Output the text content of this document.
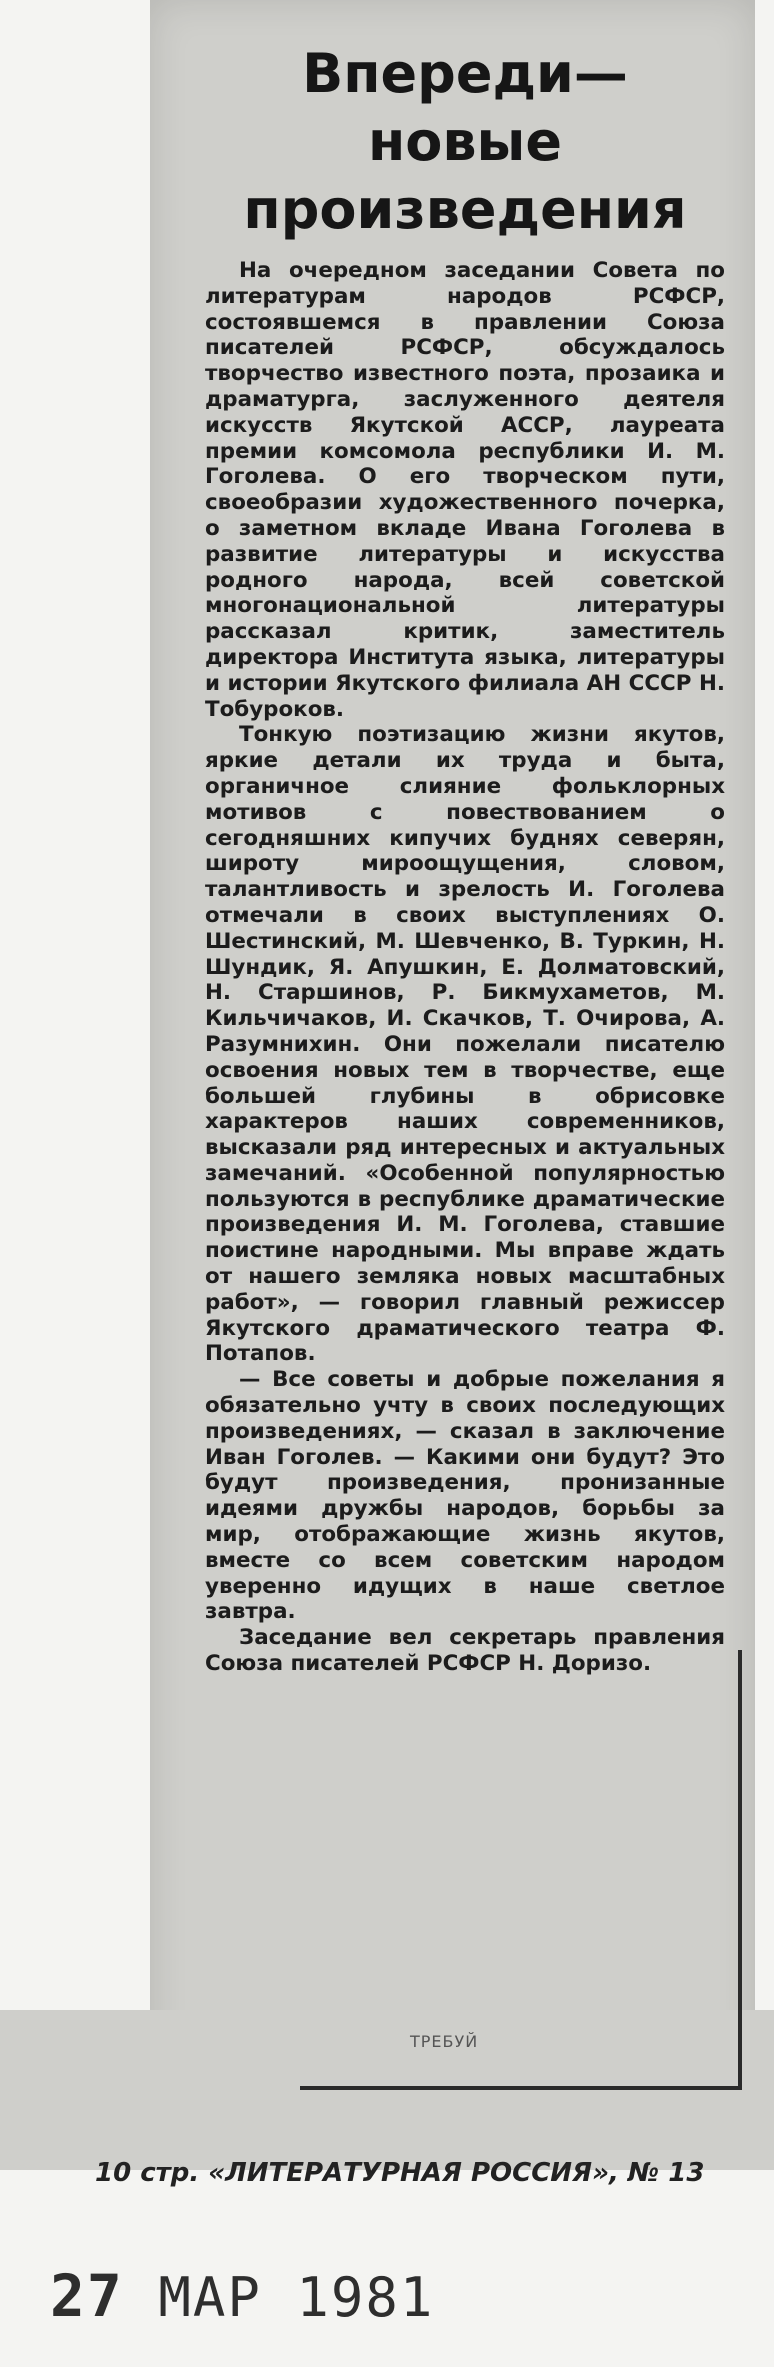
Впереди—
новые
произведения

На очередном заседании Совета по литературам народов РСФСР, состоявшемся в правлении Союза писателей РСФСР, обсуждалось творчество известного поэта, прозаика и драматурга, заслуженного деятеля искусств Якутской АССР, лауреата премии комсомола республики И. М. Гоголева. О его творческом пути, своеобразии художественного почерка, о заметном вкладе Ивана Гоголева в развитие литературы и искусства родного народа, всей советской многонациональной литературы рассказал критик, заместитель директора Института языка, литературы и истории Якутского филиала АН СССР Н. Тобуроков.

Тонкую поэтизацию жизни якутов, яркие детали их труда и быта, органичное слияние фольклорных мотивов с повествованием о сегодняшних кипучих буднях северян, широту мироощущения, словом, талантливость и зрелость И. Гоголева отмечали в своих выступлениях О. Шестинский, М. Шевченко, В. Туркин, Н. Шундик, Я. Апушкин, Е. Долматовский, Н. Старшинов, Р. Бикмухаметов, М. Кильчичаков, И. Скачков, Т. Очирова, А. Разумнихин. Они пожелали писателю освоения новых тем в творчестве, еще большей глубины в обрисовке характеров наших современников, высказали ряд интересных и актуальных замечаний. «Особенной популярностью пользуются в республике драматические произведения И. М. Гоголева, ставшие поистине народными. Мы вправе ждать от нашего земляка новых масштабных работ», — говорил главный режиссер Якутского драматического театра Ф. Потапов.

— Все советы и добрые пожелания я обязательно учту в своих последующих произведениях, — сказал в заключение Иван Гоголев. — Какими они будут? Это будут произведения, пронизанные идеями дружбы народов, борьбы за мир, отображающие жизнь якутов, вместе со всем советским народом уверенно идущих в наше светлое завтра.

Заседание вел секретарь правления Союза писателей РСФСР Н. Доризо.

ТРЕБУЙ
10 стр. «ЛИТЕРАТУРНАЯ РОССИЯ», № 13
27 МАР 1981
